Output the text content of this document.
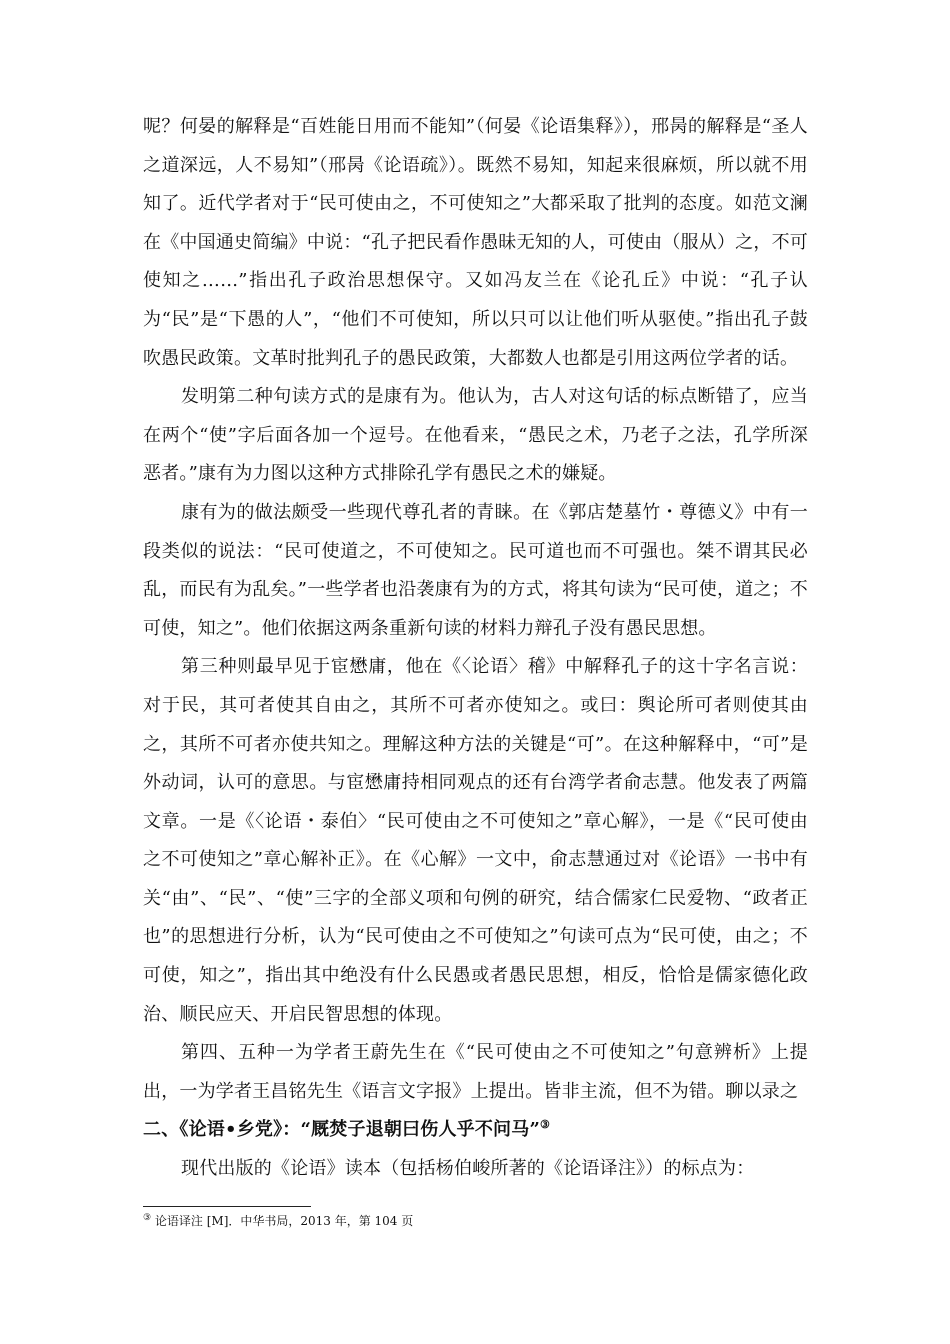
呢？何晏的解释是“百姓能日用而不能知”（何晏《论语集释》），邢昺的解释是“圣人之道深远，人不易知”（邢昺《论语疏》）。既然不易知，知起来很麻烦，所以就不用知了。近代学者对于“民可使由之，不可使知之”大都采取了批判的态度。如范文澜在《中国通史简编》中说：“孔子把民看作愚昧无知的人，可使由（服从）之，不可使知之……”指出孔子政治思想保守。又如冯友兰在《论孔丘》中说：“孔子认为“民”是“下愚的人”，“他们不可使知，所以只可以让他们听从驱使。”指出孔子鼓吹愚民政策。文革时批判孔子的愚民政策，大都数人也都是引用这两位学者的话。

发明第二种句读方式的是康有为。他认为，古人对这句话的标点断错了，应当在两个“使”字后面各加一个逗号。在他看来，“愚民之术，乃老子之法，孔学所深恶者。”康有为力图以这种方式排除孔学有愚民之术的嫌疑。

康有为的做法颇受一些现代尊孔者的青睐。在《郭店楚墓竹・尊德义》中有一段类似的说法：“民可使道之，不可使知之。民可道也而不可强也。桀不谓其民必乱，而民有为乱矣。”一些学者也沿袭康有为的方式，将其句读为“民可使，道之；不可使，知之”。他们依据这两条重新句读的材料力辩孔子没有愚民思想。

第三种则最早见于宦懋庸，他在《〈论语〉稽》中解释孔子的这十字名言说：对于民，其可者使其自由之，其所不可者亦使知之。或曰：舆论所可者则使其由之，其所不可者亦使共知之。理解这种方法的关键是“可”。在这种解释中，“可”是外动词，认可的意思。与宦懋庸持相同观点的还有台湾学者俞志慧。他发表了两篇文章。一是《〈论语・泰伯〉“民可使由之不可使知之”章心解》，一是《“民可使由之不可使知之”章心解补正》。在《心解》一文中，俞志慧通过对《论语》一书中有关“由”、“民”、“使”三字的全部义项和句例的研究，结合儒家仁民爱物、“政者正也”的思想进行分析，认为“民可使由之不可使知之”句读可点为“民可使，由之；不可使，知之”，指出其中绝没有什么民愚或者愚民思想，相反，恰恰是儒家德化政治、顺民应天、开启民智思想的体现。

第四、五种一为学者王蔚先生在《“民可使由之不可使知之”句意辨析》上提出，一为学者王昌铭先生《语言文字报》上提出。皆非主流，但不为错。聊以录之

二、《论语•乡党》：“厩焚子退朝曰伤人乎不问马”③

现代出版的《论语》读本（包括杨伯峻所著的《论语译注》）的标点为：

③ 论语译注 [M]．中华书局，2013 年，第 104 页
